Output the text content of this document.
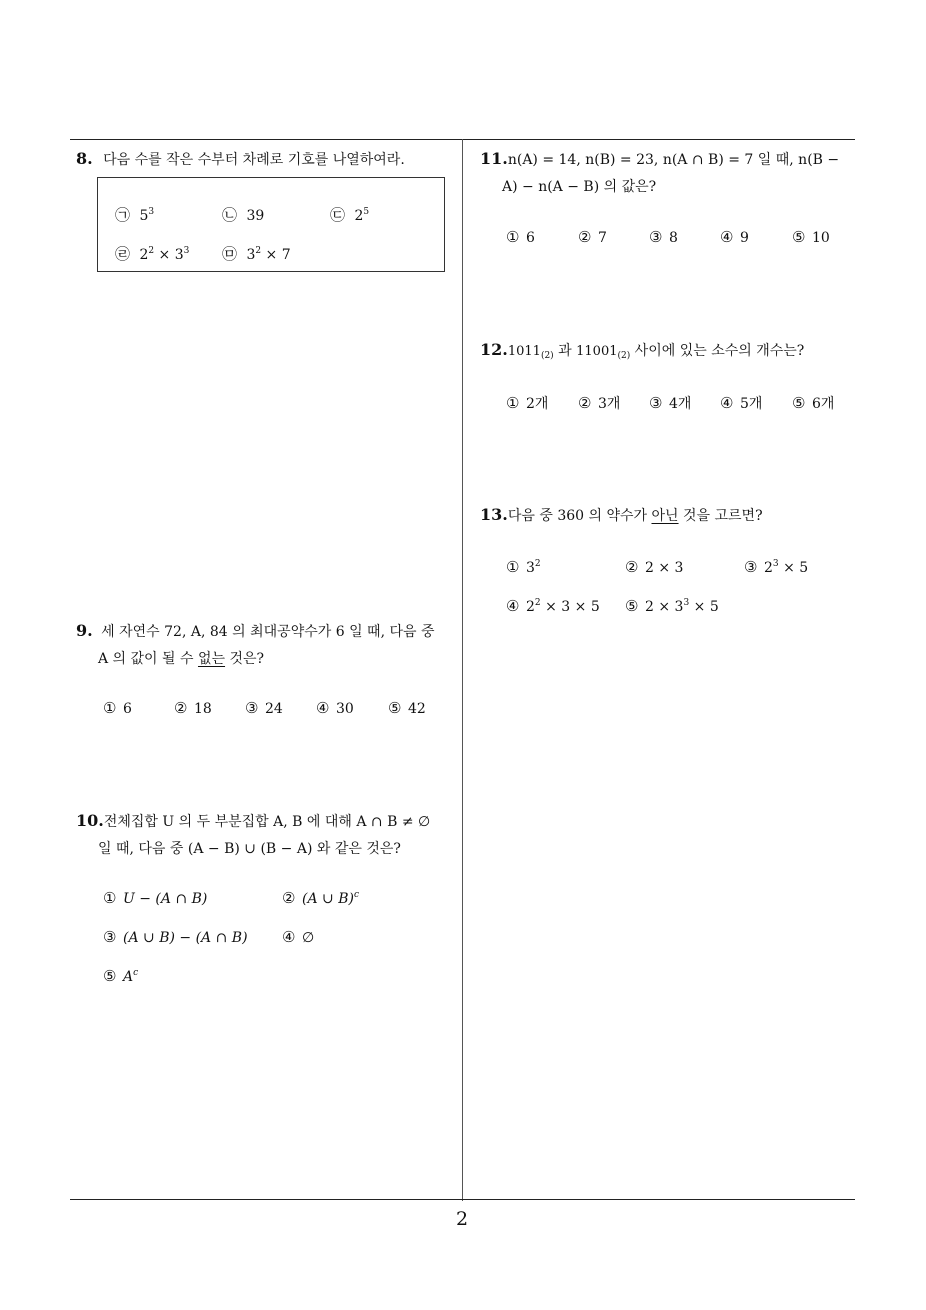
2
8. 다음 수를 작은 수부터 차례로 기호를 나열하여라.
㉠ $5^3$	㉡ 39	㉢ $2^5$
㉣ $2^2 \times 3^3$ ㉤ $3^2 \times 7$
9. 세 자연수 72, A, 84 의 최대공약수가 6 일 때, 다음 중
A 의 값이 될 수 없는 것은?
① 6	② 18 ③ 24 ④ 30 ⑤ 42
10.전체집합 U 의 두 부분집합 A, B 에 대해 A ∩ B ≠ ∅
일 때, 다음 중 (A − B) ∪ (B − A) 와 같은 것은?
① U − (A ∩ B)	② (A ∪ B)$^c$
③ (A ∪ B) − (A ∩ B) ④ ∅
⑤ $A^c$
11.n(A) = 14, n(B) = 23, n(A ∩ B) = 7 일 때, n(B −
A) − n(A − B) 의 값은?
① 6	② 7	③ 8	④ 9	⑤ 10
$12.1011_{(2)}$ 과 $11001_{(2)}$ 사이에 있는 소수의 개수는?
① 2개 ② 3개 ③ 4개 ④ 5개 ⑤ 6개
13.다음 중 360 의 약수가 아닌 것을 고르면?
① $3^2$	② 2 × 3	③ $2^3 \times 5$
④ $2^2 \times 3 \times 5$ ⑤ $2 \times 3^3 \times 5$
